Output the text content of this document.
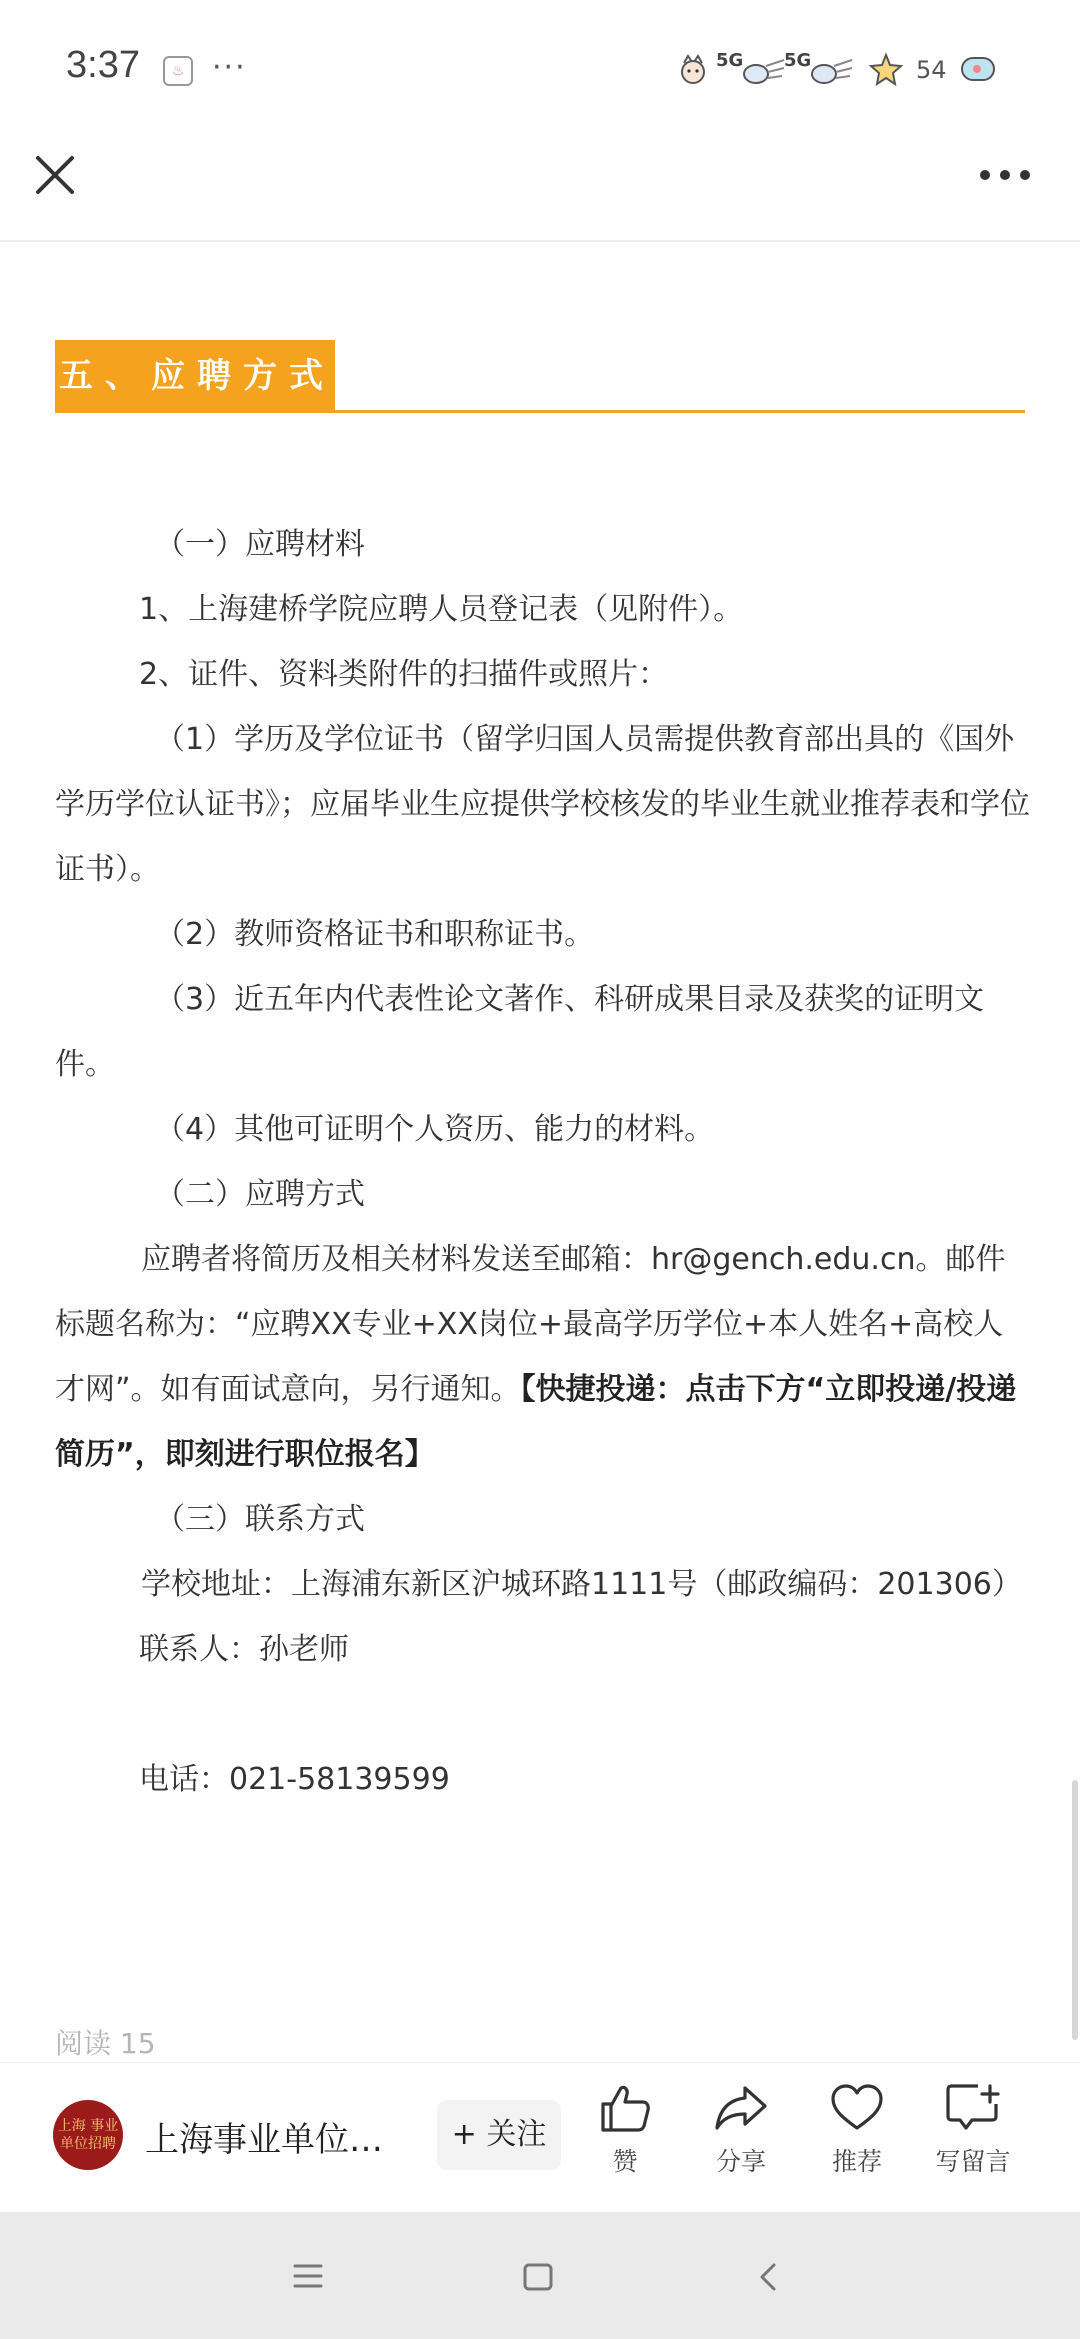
3:37	♨ ···	5G 5G	54
五、应聘方式

（一）应聘材料

1、上海建桥学院应聘人员登记表（见附件）。

2、证件、资料类附件的扫描件或照片：

（1）学历及学位证书（留学归国人员需提供教育部出具的《国外学历学位认证书》；应届毕业生应提供学校核发的毕业生就业推荐表和学位证书）。

（2）教师资格证书和职称证书。

（3）近五年内代表性论文著作、科研成果目录及获奖的证明文件。

（4）其他可证明个人资历、能力的材料。

（二）应聘方式

应聘者将简历及相关材料发送至邮箱：hr@gench.edu.cn。邮件标题名称为：“应聘XX专业+XX岗位+最高学历学位+本人姓名+高校人才网”。如有面试意向，另行通知。【快捷投递：点击下方“立即投递/投递简历”，即刻进行职位报名】

（三）联系方式

学校地址：上海浦东新区沪城环路1111号（邮政编码：201306）

联系人：孙老师

电话：021-58139599

阅读 15
上海 事业单位招聘 上海事业单位…	+ 关注
赞	分享	推荐	写留言
